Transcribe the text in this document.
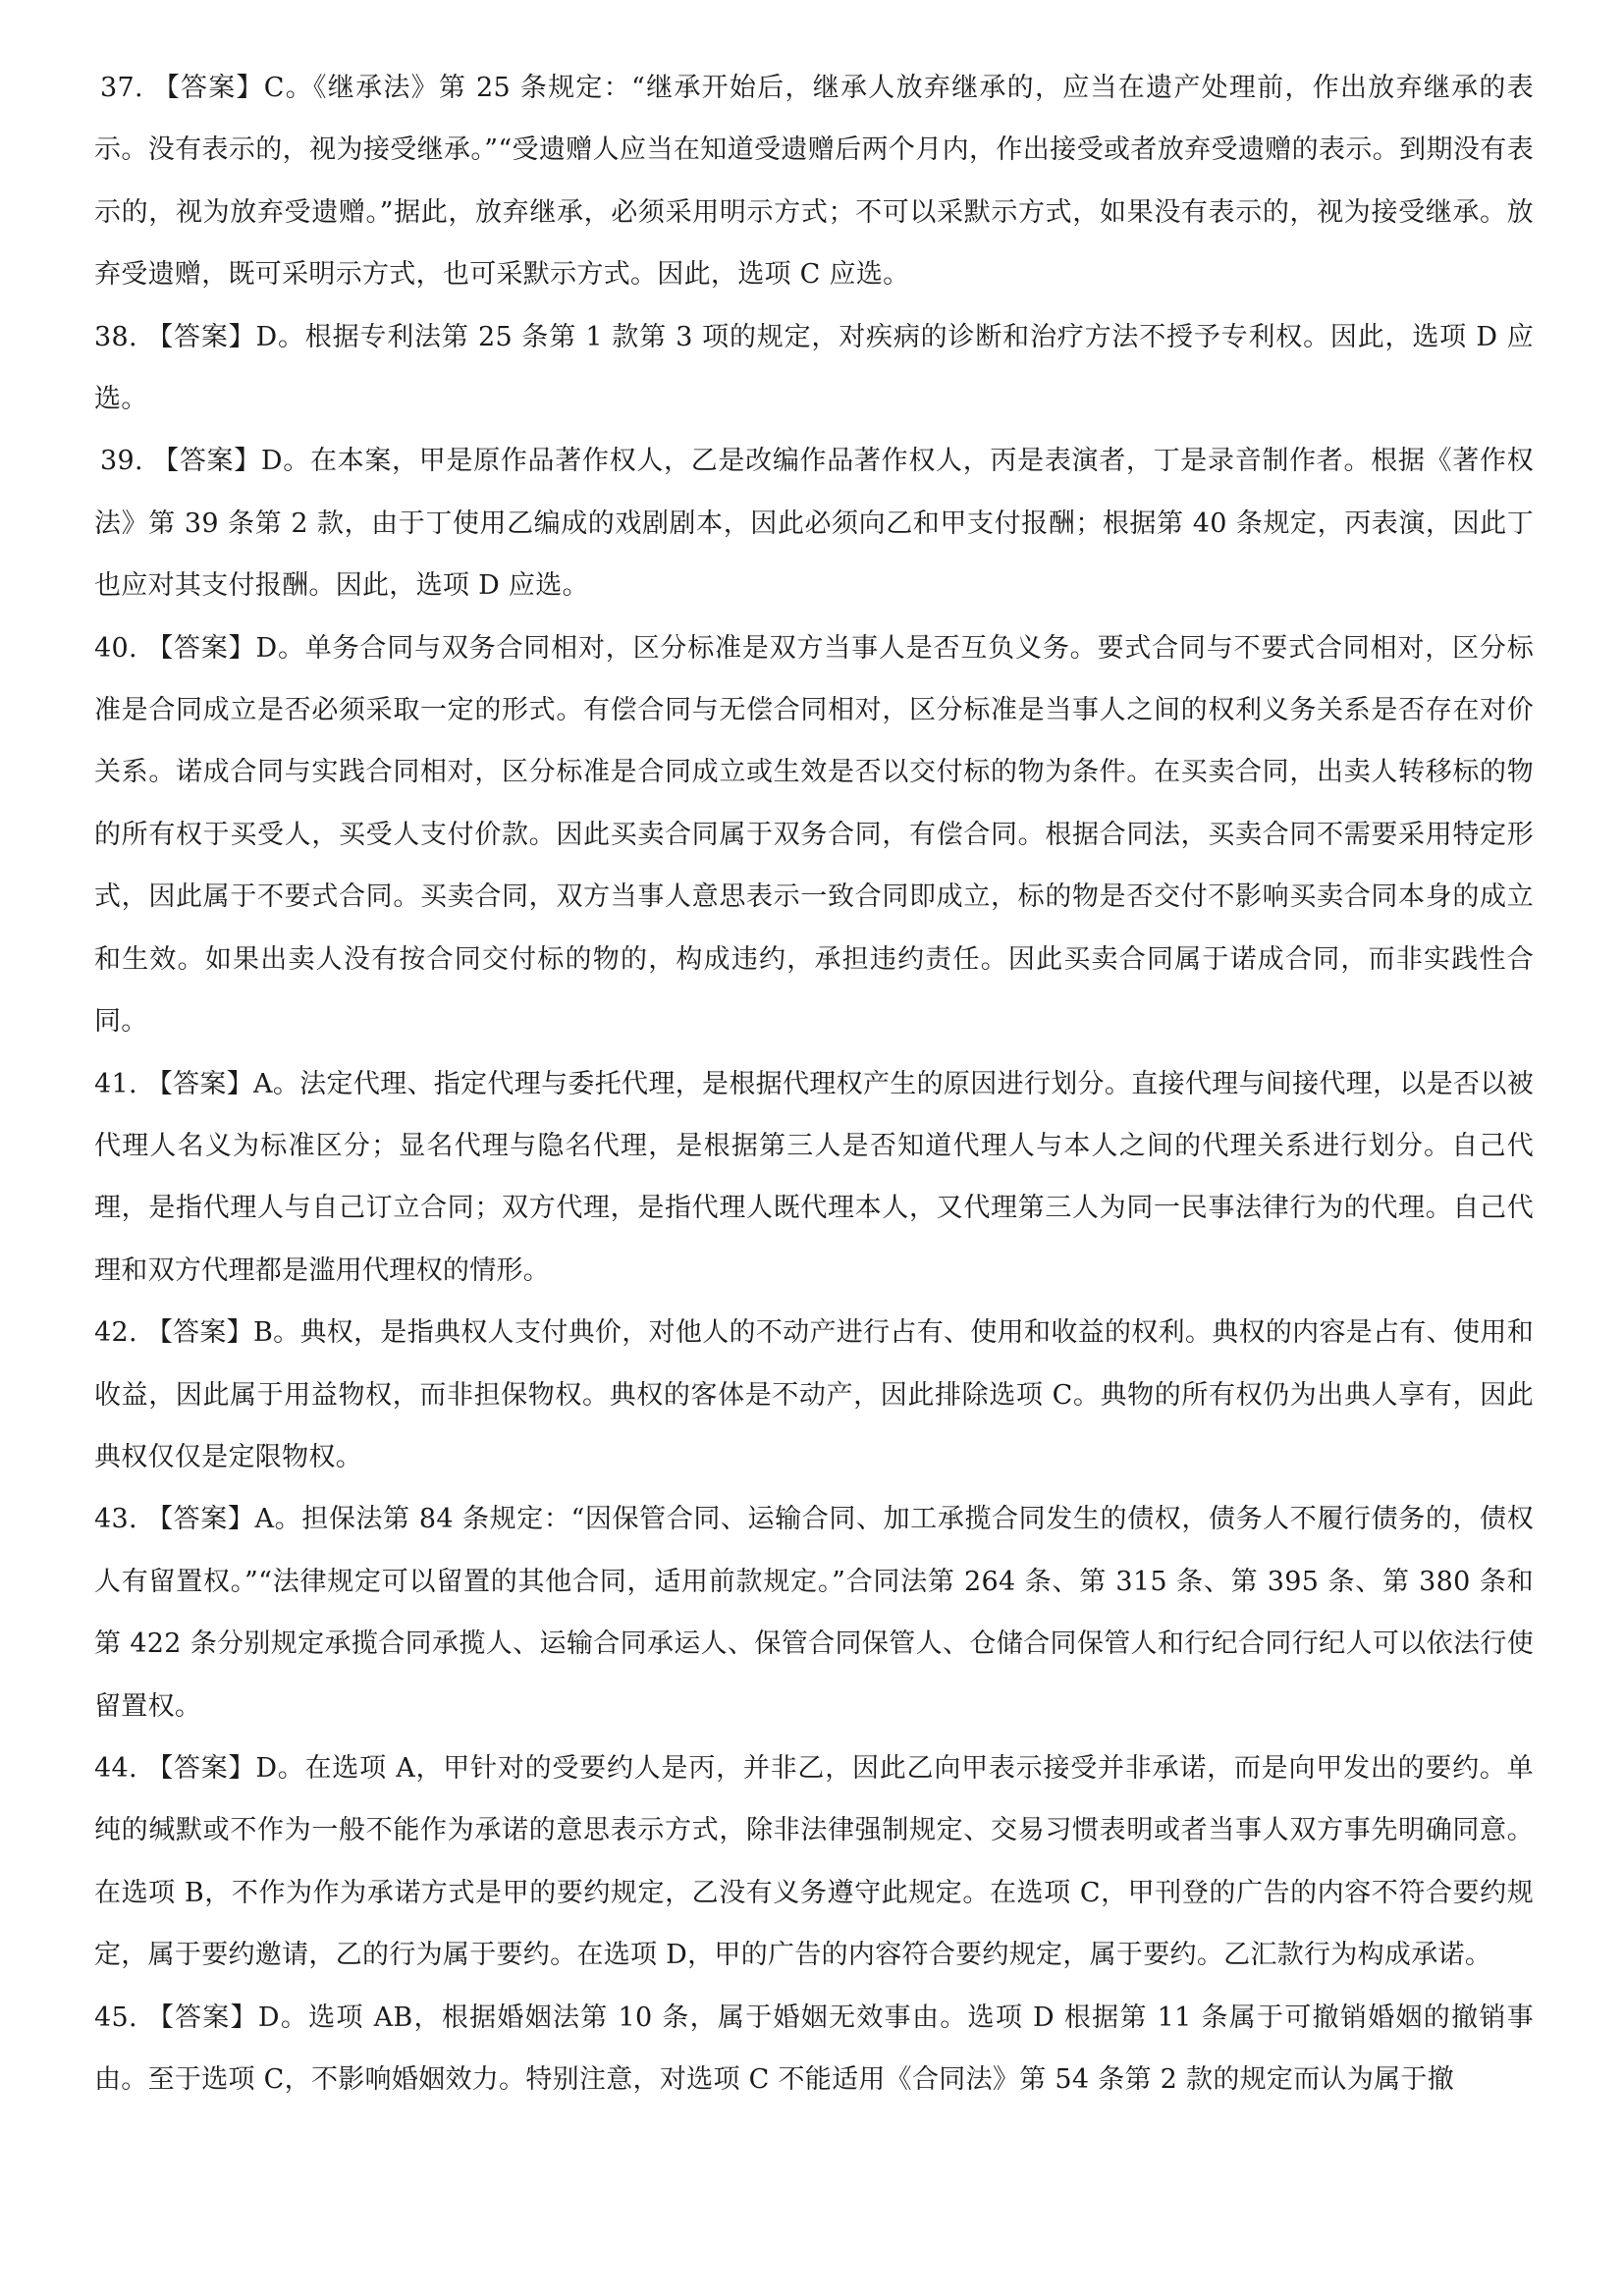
37. 【答案】C。《继承法》第 25 条规定：“继承开始后，继承人放弃继承的，应当在遗产处理前，作出放弃继承的表示。没有表示的，视为接受继承。”“受遗赠人应当在知道受遗赠后两个月内，作出接受或者放弃受遗赠的表示。到期没有表示的，视为放弃受遗赠。”据此，放弃继承，必须采用明示方式；不可以采默示方式，如果没有表示的，视为接受继承。放弃受遗赠，既可采明示方式，也可采默示方式。因此，选项 C 应选。

38. 【答案】D。根据专利法第 25 条第 1 款第 3 项的规定，对疾病的诊断和治疗方法不授予专利权。因此，选项 D 应选。

39. 【答案】D。在本案，甲是原作品著作权人，乙是改编作品著作权人，丙是表演者，丁是录音制作者。根据《著作权法》第 39 条第 2 款，由于丁使用乙编成的戏剧剧本，因此必须向乙和甲支付报酬；根据第 40 条规定，丙表演，因此丁也应对其支付报酬。因此，选项 D 应选。

40. 【答案】D。单务合同与双务合同相对，区分标准是双方当事人是否互负义务。要式合同与不要式合同相对，区分标准是合同成立是否必须采取一定的形式。有偿合同与无偿合同相对，区分标准是当事人之间的权利义务关系是否存在对价关系。诺成合同与实践合同相对，区分标准是合同成立或生效是否以交付标的物为条件。在买卖合同，出卖人转移标的物的所有权于买受人，买受人支付价款。因此买卖合同属于双务合同，有偿合同。根据合同法，买卖合同不需要采用特定形式，因此属于不要式合同。买卖合同，双方当事人意思表示一致合同即成立，标的物是否交付不影响买卖合同本身的成立和生效。如果出卖人没有按合同交付标的物的，构成违约，承担违约责任。因此买卖合同属于诺成合同，而非实践性合同。

41. 【答案】A。法定代理、指定代理与委托代理，是根据代理权产生的原因进行划分。直接代理与间接代理，以是否以被代理人名义为标准区分；显名代理与隐名代理，是根据第三人是否知道代理人与本人之间的代理关系进行划分。自己代理，是指代理人与自己订立合同；双方代理，是指代理人既代理本人，又代理第三人为同一民事法律行为的代理。自己代理和双方代理都是滥用代理权的情形。

42. 【答案】B。典权，是指典权人支付典价，对他人的不动产进行占有、使用和收益的权利。典权的内容是占有、使用和收益，因此属于用益物权，而非担保物权。典权的客体是不动产，因此排除选项 C。典物的所有权仍为出典人享有，因此典权仅仅是定限物权。

43. 【答案】A。担保法第 84 条规定：“因保管合同、运输合同、加工承揽合同发生的债权，债务人不履行债务的，债权人有留置权。”“法律规定可以留置的其他合同，适用前款规定。”合同法第 264 条、第 315 条、第 395 条、第 380 条和第 422 条分别规定承揽合同承揽人、运输合同承运人、保管合同保管人、仓储合同保管人和行纪合同行纪人可以依法行使留置权。

44. 【答案】D。在选项 A，甲针对的受要约人是丙，并非乙，因此乙向甲表示接受并非承诺，而是向甲发出的要约。单纯的缄默或不作为一般不能作为承诺的意思表示方式，除非法律强制规定、交易习惯表明或者当事人双方事先明确同意。在选项 B，不作为作为承诺方式是甲的要约规定，乙没有义务遵守此规定。在选项 C，甲刊登的广告的内容不符合要约规定，属于要约邀请，乙的行为属于要约。在选项 D，甲的广告的内容符合要约规定，属于要约。乙汇款行为构成承诺。

45. 【答案】D。选项 AB，根据婚姻法第 10 条，属于婚姻无效事由。选项 D 根据第 11 条属于可撤销婚姻的撤销事由。至于选项 C，不影响婚姻效力。特别注意，对选项 C 不能适用《合同法》第 54 条第 2 款的规定而认为属于撤
